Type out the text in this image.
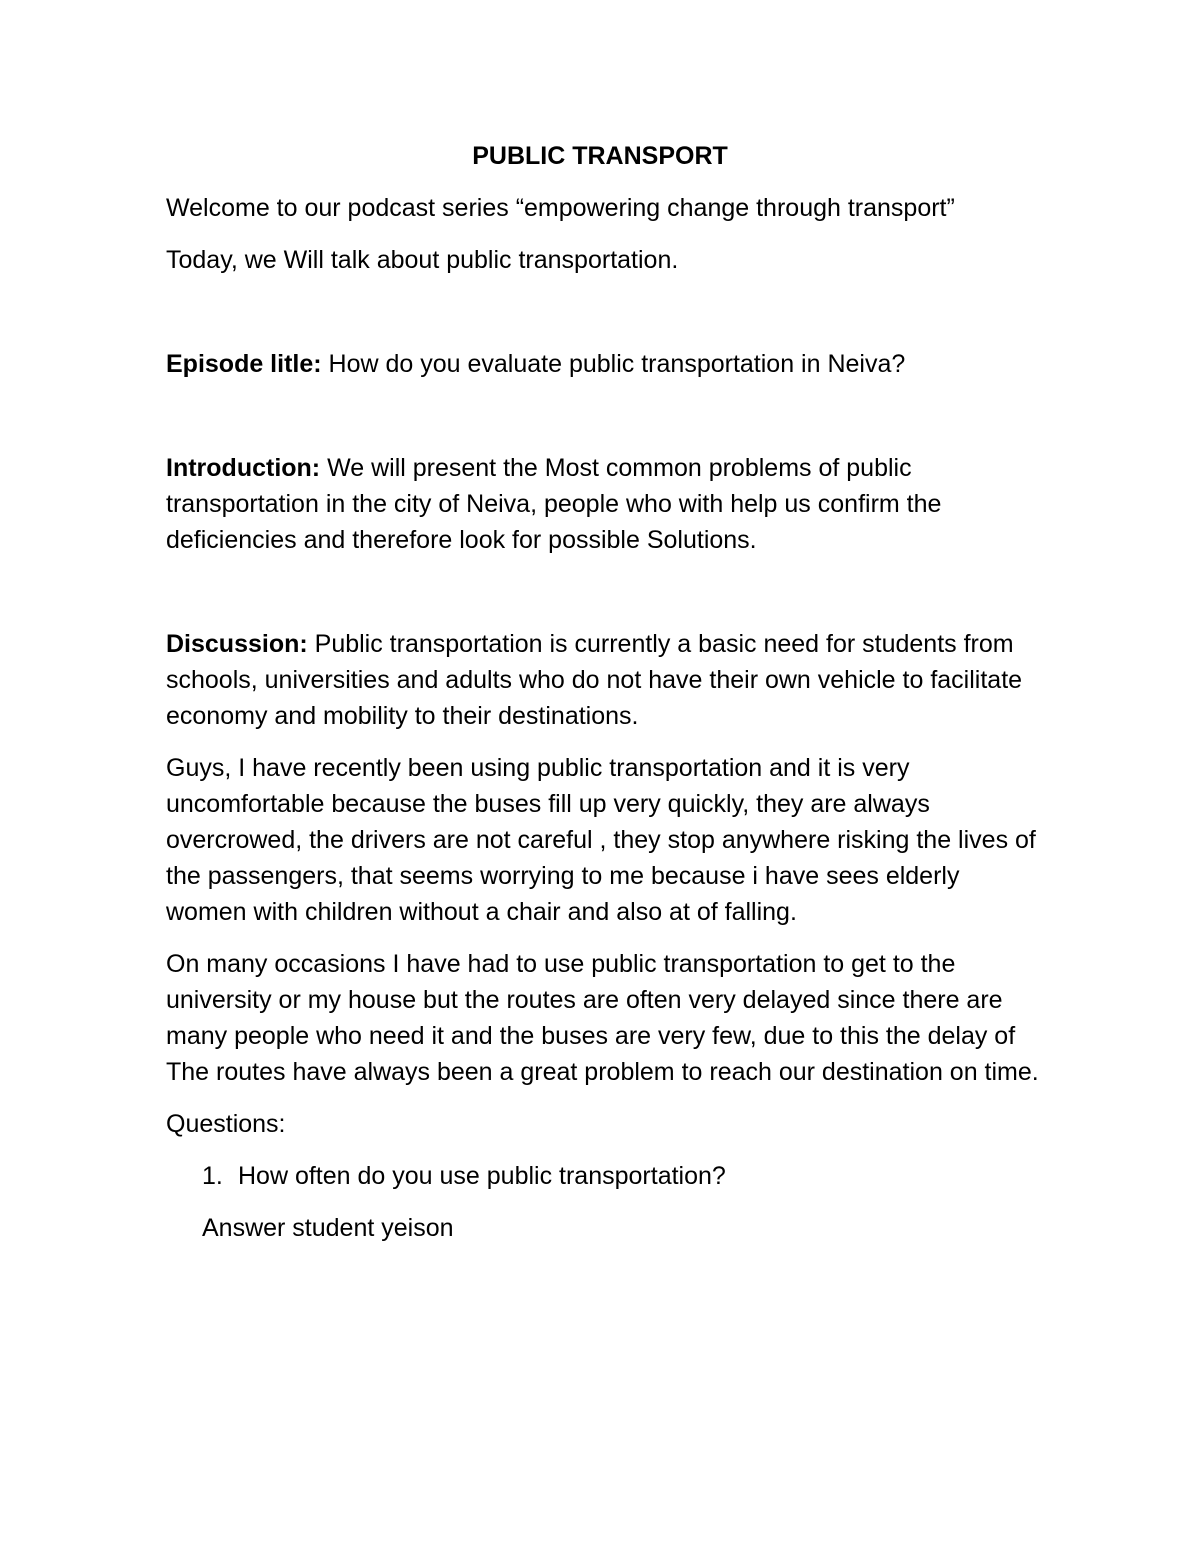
PUBLIC TRANSPORT

Welcome to our podcast series “empowering change through transport”

Today, we Will talk about public transportation.

Episode litle: How do you evaluate public transportation in Neiva?

Introduction: We will present the Most common problems of public transportation in the city of Neiva, people who with help us confirm the deficiencies and therefore look for possible Solutions.

Discussion: Public transportation is currently a basic need for students from schools, universities and adults who do not have their own vehicle to facilitate economy and mobility to their destinations.

Guys, I have recently been using public transportation and it is very uncomfortable because the buses fill up very quickly, they are always overcrowed, the drivers are not careful , they stop anywhere risking the lives of the passengers, that seems worrying to me because i have sees elderly women with children without a chair and also at of falling.

On many occasions I have had to use public transportation to get to the university or my house but the routes are often very delayed since there are many people who need it and the buses are very few, due to this the delay of The routes have always been a great problem to reach our destination on time.

Questions:

1. How often do you use public transportation?

Answer student yeison
